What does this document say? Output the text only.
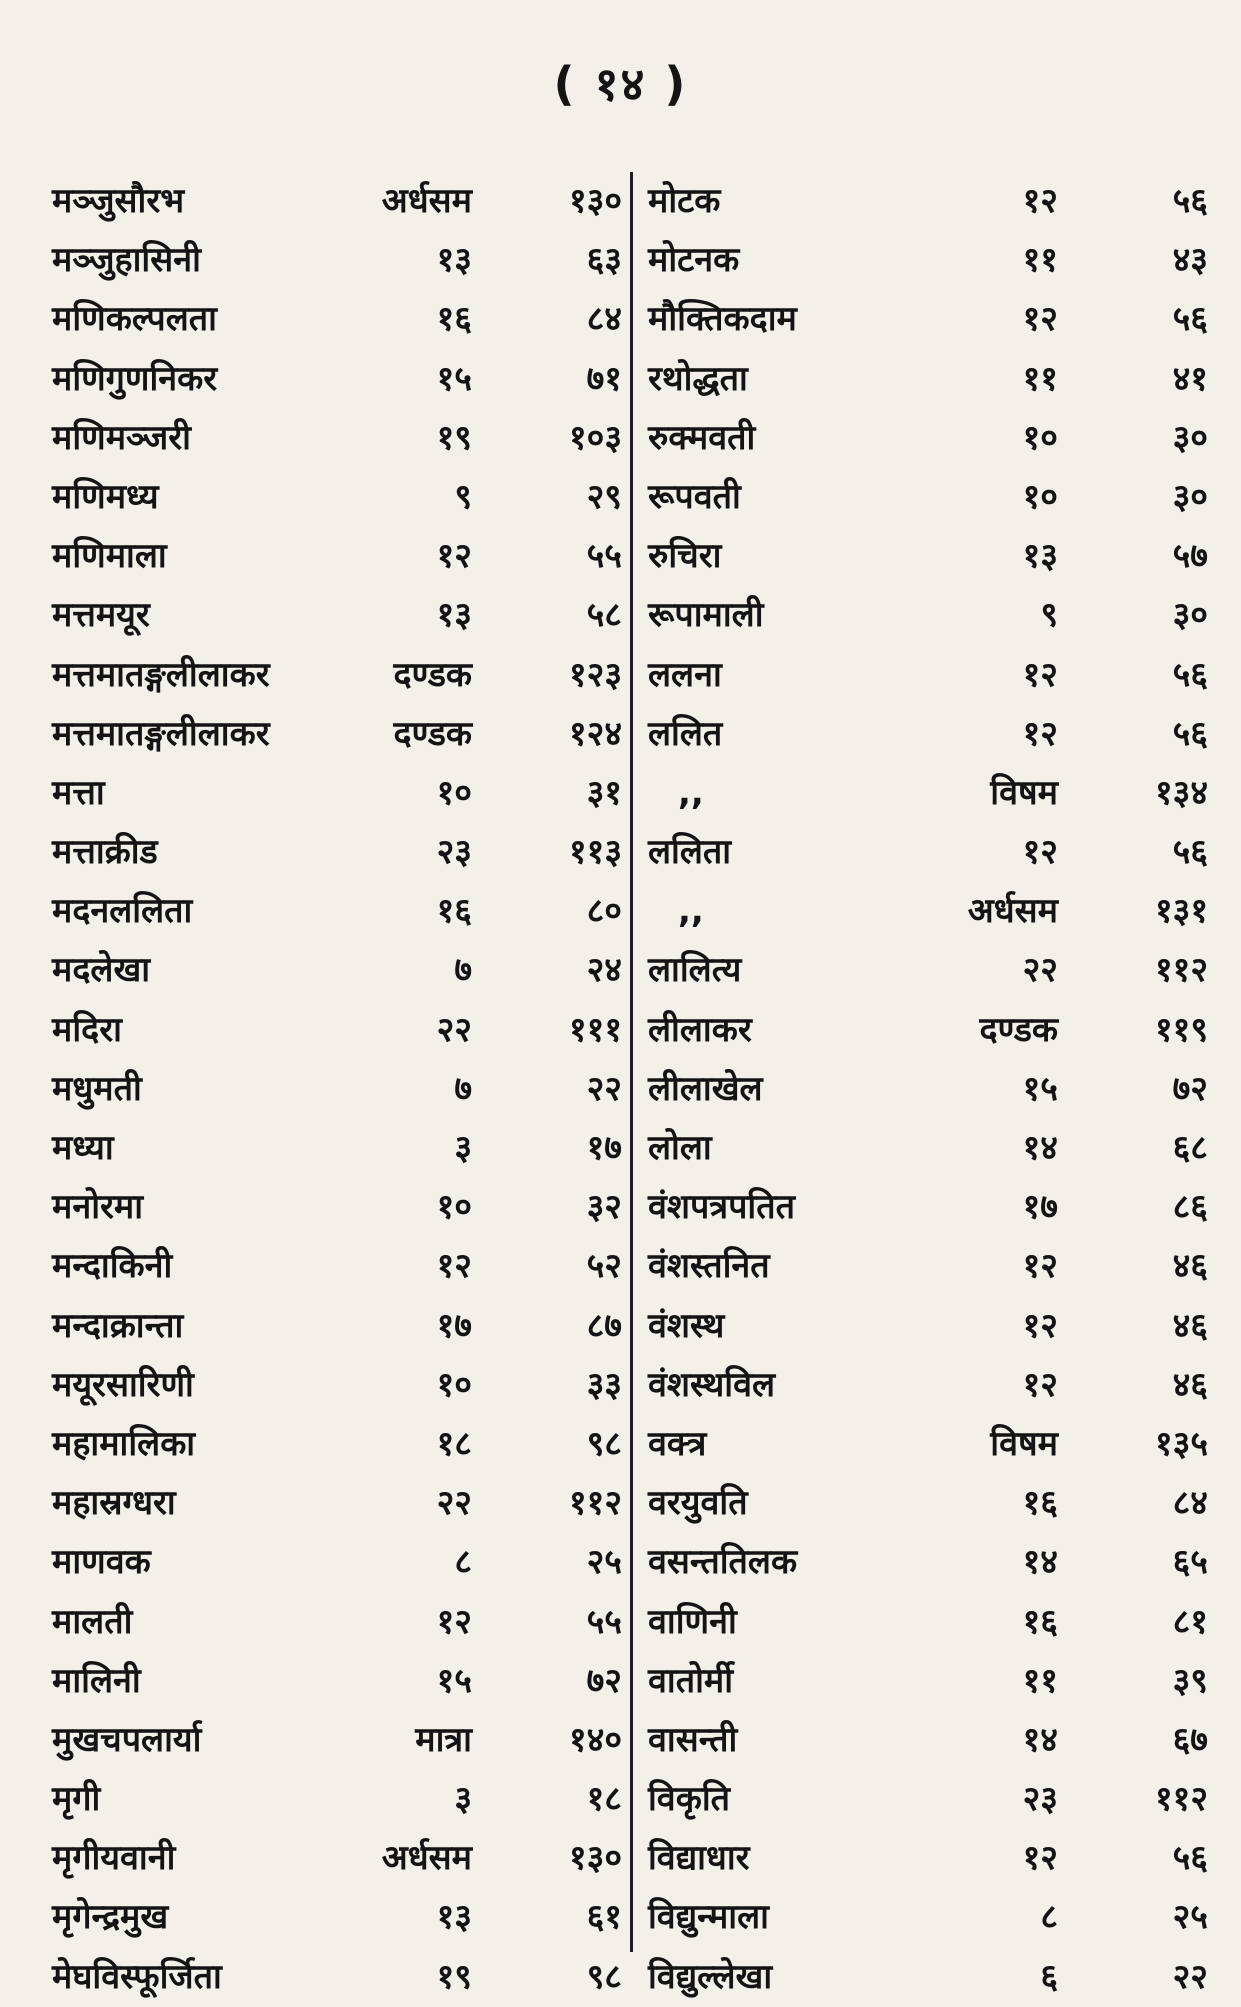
( १४ )
मञ्जुसौरभ	अर्धसम	१३०
मञ्जुहासिनी	१३	६३
मणिकल्पलता	१६	८४
मणिगुणनिकर	१५	७१
मणिमञ्जरी	१९	१०३
मणिमध्य	९	२९
मणिमाला	१२	५५
मत्तमयूर	१३	५८
मत्तमातङ्गलीलाकर	दण्डक	१२३
मत्तमातङ्गलीलाकर	दण्डक	१२४
मत्ता	१०	३१
मत्ताक्रीड	२३	११३
मदनललिता	१६	८०
मदलेखा	७	२४
मदिरा	२२	१११
मधुमती	७	२२
मध्या	३	१७
मनोरमा	१०	३२
मन्दाकिनी	१२	५२
मन्दाक्रान्ता	१७	८७
मयूरसारिणी	१०	३३
महामालिका	१८	९८
महास्रग्धरा	२२	११२
माणवक	८	२५
मालती	१२	५५
मालिनी	१५	७२
मुखचपलार्या	मात्रा	१४०
मृगी	३	१८
मृगीयवानी	अर्धसम	१३०
मृगेन्द्रमुख	१३	६१
मेघविस्फूर्जिता	१९	९८
मोटक	१२	५६
मोटनक	११	४३
मौक्तिकदाम	१२	५६
रथोद्धता	११	४१
रुक्मवती	१०	३०
रूपवती	१०	३०
रुचिरा	१३	५७
रूपामाली	९	३०
ललना	१२	५६
ललित	१२	५६
,,	विषम	१३४
ललिता	१२	५६
,,	अर्धसम	१३१
लालित्य	२२	११२
लीलाकर	दण्डक	११९
लीलाखेल	१५	७२
लोला	१४	६८
वंशपत्रपतित	१७	८६
वंशस्तनित	१२	४६
वंशस्थ	१२	४६
वंशस्थविल	१२	४६
वक्त्र	विषम	१३५
वरयुवति	१६	८४
वसन्ततिलक	१४	६५
वाणिनी	१६	८१
वातोर्मी	११	३९
वासन्ती	१४	६७
विकृति	२३	११२
विद्याधार	१२	५६
विद्युन्माला	८	२५
विद्युल्लेखा	६	२२
